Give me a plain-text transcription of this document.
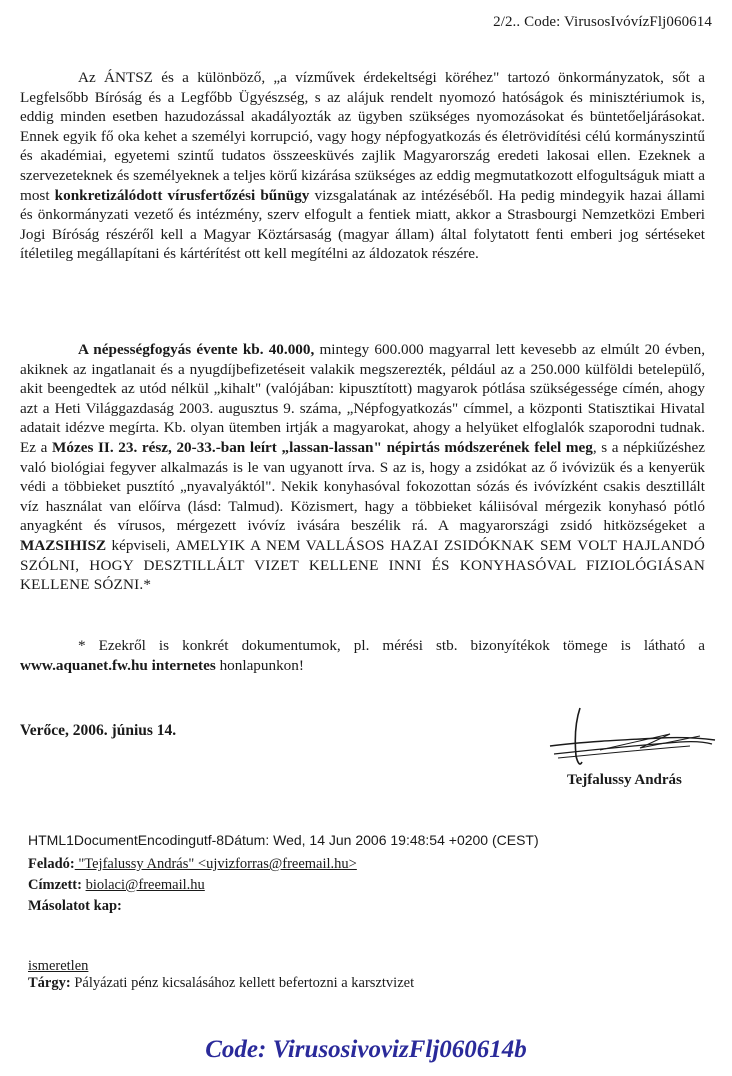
2/2.. Code: VirusosIvóvízFlj060614
Az ÁNTSZ és a különböző, „a vízművek érdekeltségi köréhez" tartozó önkormányzatok, sőt a Legfelsőbb Bíróság és a Legfőbb Ügyészség, s az alájuk rendelt nyomozó hatóságok és minisztériumok is, eddig minden esetben hazudozással akadályozták az ügyben szükséges nyomozásokat és büntetőeljárásokat. Ennek egyik fő oka kehet a személyi korrupció, vagy hogy népfogyatkozás és életrövidítési célú kormányszintű és akadémiai, egyetemi szintű tudatos összeesküvés zajlik Magyarország eredeti lakosai ellen. Ezeknek a szervezeteknek és személyeknek a teljes körű kizárása szükséges az eddig megmutatkozott elfogultságuk miatt a most konkretizálódott vírusfertőzési bűnügy vizsgalatának az intézéséből. Ha pedig mindegyik hazai állami és önkormányzati vezető és intézmény, szerv elfogult a fentiek miatt, akkor a Strasbourgi Nemzetközi Emberi Jogi Bíróság részéről kell a Magyar Köztársaság (magyar állam) által folytatott fenti emberi jog sértéseket ítéletileg megállapítani és kártérítést ott kell megítélni az áldozatok részére.
A népességfogyás évente kb. 40.000, mintegy 600.000 magyarral lett kevesebb az elmúlt 20 évben, akiknek az ingatlanait és a nyugdíjbefizetéseit valakik megszerezték, például az a 250.000 külföldi betelepülő, akit beengedtek az utód nélkül „kihalt" (valójában: kipusztított) magyarok pótlása szükségessége címén, ahogy azt a Heti Világgazdaság 2003. augusztus 9. száma, „Népfogyatkozás" címmel, a központi Statisztikai Hivatal adatait idézve megírta. Kb. olyan ütemben irtják a magyarokat, ahogy a helyüket elfoglalók szaporodni tudnak. Ez a Mózes II. 23. rész, 20-33.-ban leírt „lassan-lassan" népirtás módszerének felel meg, s a népkiűzéshez való biológiai fegyver alkalmazás is le van ugyanott írva. S az is, hogy a zsidókat az ő ivóvizük és a kenyerük védi a többieket pusztító „nyavalyáktól". Nekik konyhasóval fokozottan sózás és ivóvízként csakis desztillált víz használat van előírva (lásd: Talmud). Közismert, hagy a többieket káliisóval mérgezik konyhasó pótló anyagként és vírusos, mérgezett ivóvíz ivására beszélik rá. A magyarországi zsidó hitközségeket a MAZSIHISZ képviseli, AMELYIK A NEM VALLÁSOS HAZAI ZSIDÓKNAK SEM VOLT HAJLANDÓ SZÓLNI, HOGY DESZTILLÁLT VIZET KELLENE INNI ÉS KONYHASÓVAL FIZIOLÓGIÁSAN KELLENE SÓZNI.*
* Ezekről is konkrét dokumentumok, pl. mérési stb. bizonyítékok tömege is látható a www.aquanet.fw.hu internetes honlapunkon!
Verőce, 2006. június 14.
Tejfalussy András
HTML1DocumentEncodingutf-8Dátum: Wed, 14 Jun 2006 19:48:54 +0200 (CEST)
Feladó: "Tejfalussy András" <ujvizforras@freemail.hu>
Címzett: biolaci@freemail.hu
Másolatot kap:
ismeretlen
Tárgy: Pályázati pénz kicsalásához kellett befertozni a karsztvizet
Code: VirusosivovizFlj060614b
